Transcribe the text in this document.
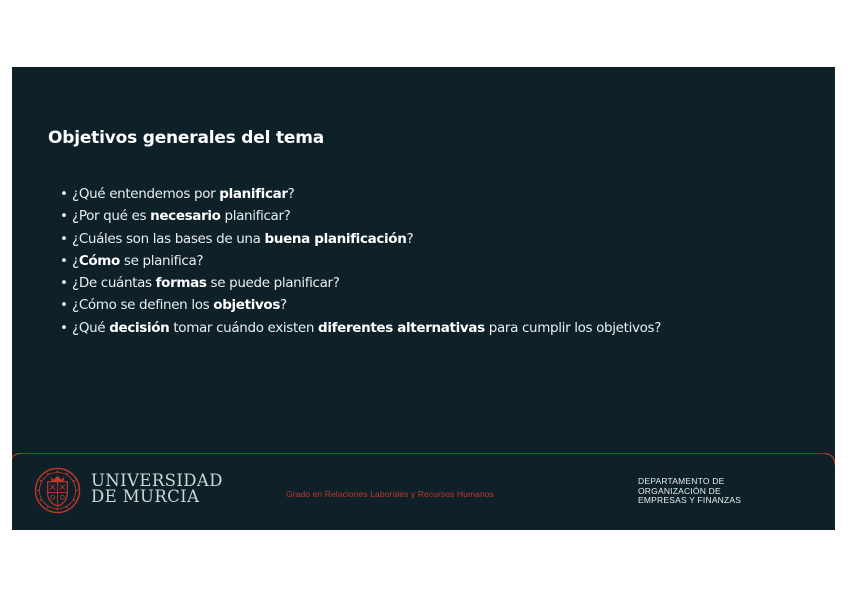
Objetivos generales del tema
• ¿Qué entendemos por planificar?
• ¿Por qué es necesario planificar?
• ¿Cuáles son las bases de una buena planificación?
• ¿Cómo se planifica?
• ¿De cuántas formas se puede planificar?
• ¿Cómo se definen los objetivos?
• ¿Qué decisión tomar cuándo existen diferentes alternativas para cumplir los objetivos?
UNIVERSIDAD
DE MURCIA	Grado en Relaciones Laborales y Recursos Humanos
DEPARTAMENTO DE
ORGANIZACIÓN DE
EMPRESAS Y FINANZAS
